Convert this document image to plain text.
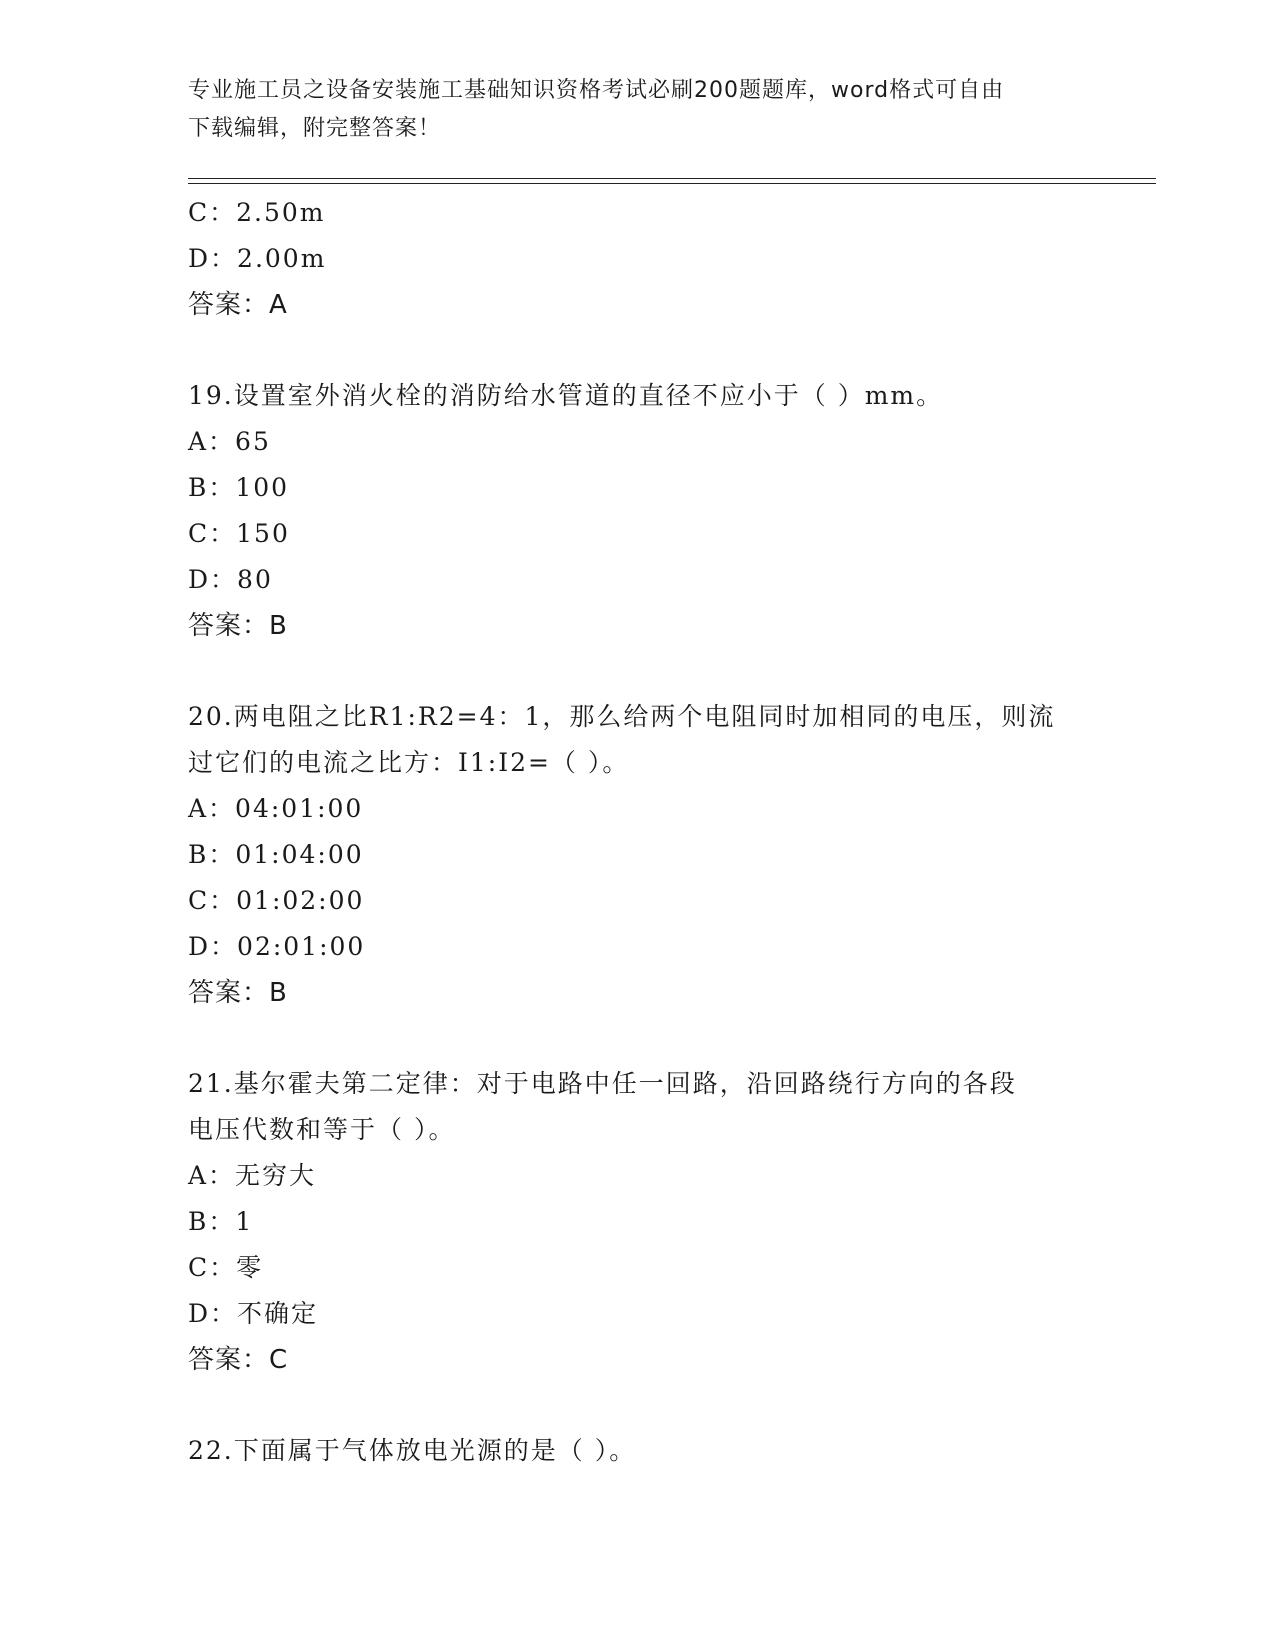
专业施工员之设备安装施工基础知识资格考试必刷200题题库，word格式可自由
下载编辑，附完整答案！
C：2.50m
D：2.00m
答案：A
19.设置室外消火栓的消防给水管道的直径不应小于（ ）mm。
A：65
B：100
C：150
D：80
答案：B
20.两电阻之比R1:R2=4：1，那么给两个电阻同时加相同的电压，则流
过它们的电流之比方：I1:I2=（ ）。
A：04:01:00
B：01:04:00
C：01:02:00
D：02:01:00
答案：B
21.基尔霍夫第二定律：对于电路中任一回路，沿回路绕行方向的各段
电压代数和等于（ ）。
A：无穷大
B：1
C：零
D：不确定
答案：C
22.下面属于气体放电光源的是（ ）。
